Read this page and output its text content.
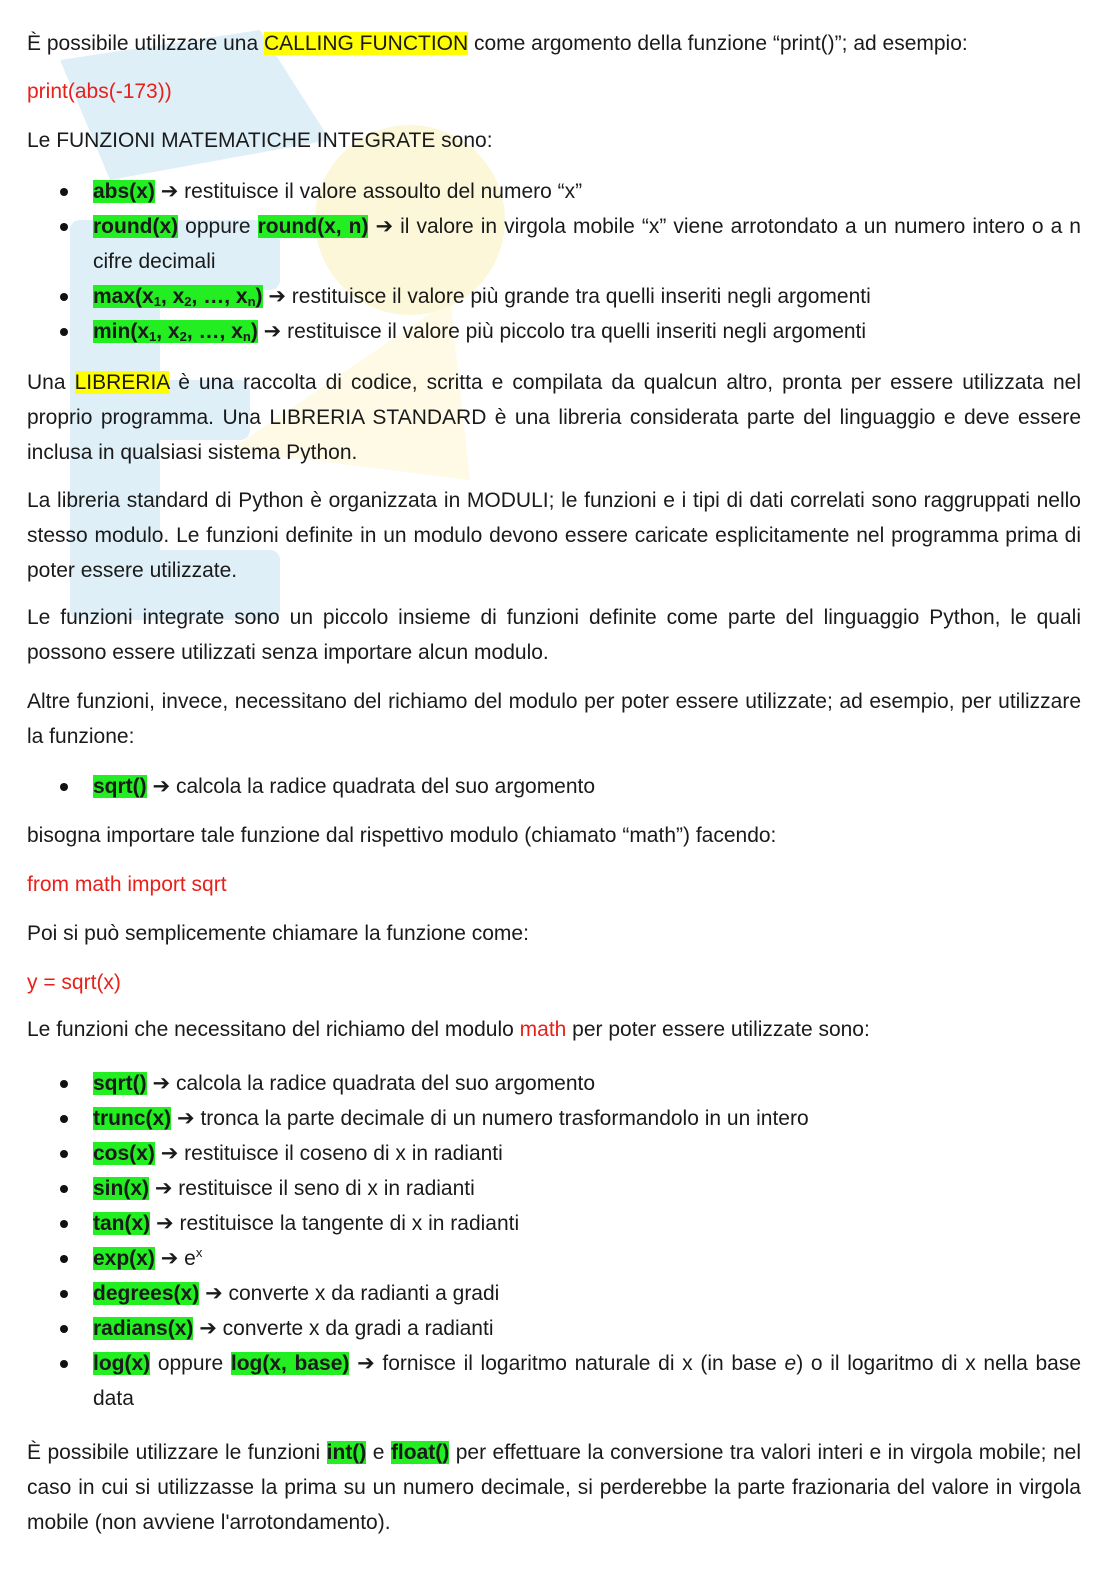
È possibile utilizzare una CALLING FUNCTION come argomento della funzione “print()”; ad esempio:

print(abs(-173))

Le FUNZIONI MATEMATICHE INTEGRATE sono:

abs(x) ➔ restituisce il valore assoulto del numero “x”
round(x) oppure round(x, n) ➔ il valore in virgola mobile “x” viene arrotondato a un numero intero o a n cifre decimali
$\max(x_1$, $x_2$, …, $x_n$) ➔ restituisce il valore più grande tra quelli inseriti negli argomenti
$\min(x_1$, $x_2$, …, $x_n$) ➔ restituisce il valore più piccolo tra quelli inseriti negli argomenti

Una LIBRERIA è una raccolta di codice, scritta e compilata da qualcun altro, pronta per essere utilizzata nel proprio programma. Una LIBRERIA STANDARD è una libreria considerata parte del linguaggio e deve essere inclusa in qualsiasi sistema Python.

La libreria standard di Python è organizzata in MODULI; le funzioni e i tipi di dati correlati sono raggruppati nello stesso modulo. Le funzioni definite in un modulo devono essere caricate esplicitamente nel programma prima di poter essere utilizzate.

Le funzioni integrate sono un piccolo insieme di funzioni definite come parte del linguaggio Python, le quali possono essere utilizzati senza importare alcun modulo.

Altre funzioni, invece, necessitano del richiamo del modulo per poter essere utilizzate; ad esempio, per utilizzare la funzione:

sqrt() ➔ calcola la radice quadrata del suo argomento

bisogna importare tale funzione dal rispettivo modulo (chiamato “math”) facendo:

from math import sqrt

Poi si può semplicemente chiamare la funzione come:

y = sqrt(x)

Le funzioni che necessitano del richiamo del modulo math per poter essere utilizzate sono:

sqrt() ➔ calcola la radice quadrata del suo argomento
trunc(x) ➔ tronca la parte decimale di un numero trasformandolo in un intero
cos(x) ➔ restituisce il coseno di x in radianti
sin(x) ➔ restituisce il seno di x in radianti
tan(x) ➔ restituisce la tangente di x in radianti
exp(x) ➔ $e^x$
degrees(x) ➔ converte x da radianti a gradi
radians(x) ➔ converte x da gradi a radianti
log(x) oppure log(x, base) ➔ fornisce il logaritmo naturale di x (in base e) o il logaritmo di x nella base data

È possibile utilizzare le funzioni int() e float() per effettuare la conversione tra valori interi e in virgola mobile; nel caso in cui si utilizzasse la prima su un numero decimale, si perderebbe la parte frazionaria del valore in virgola mobile (non avviene l'arrotondamento).
